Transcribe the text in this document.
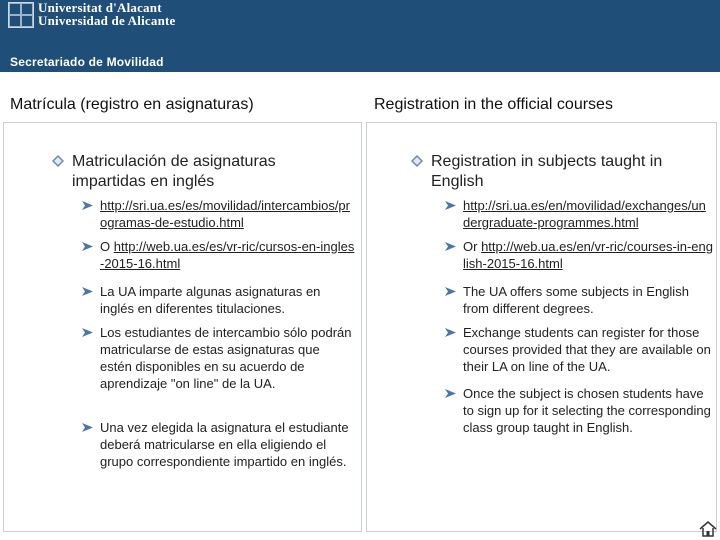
Universitat d'Alacant
Universidad de Alicante
Secretariado de Movilidad
Matrícula (registro en asignaturas)	Registration in the official courses
Matriculación de asignaturas impartidas en inglés
http://sri.ua.es/es/movilidad/intercambios/programas-de-estudio.html
O http://web.ua.es/es/vr-ric/cursos-en-ingles-2015-16.html
La UA imparte algunas asignaturas en inglés en diferentes titulaciones.
Los estudiantes de intercambio sólo podrán matricularse de estas asignaturas que estén disponibles en su acuerdo de aprendizaje "on line" de la UA.
Una vez elegida la asignatura el estudiante deberá matricularse en ella eligiendo el grupo correspondiente impartido en inglés.
Registration in subjects taught in English
http://sri.ua.es/en/movilidad/exchanges/undergraduate-programmes.html
Or http://web.ua.es/en/vr-ric/courses-in-english-2015-16.html
The UA offers some subjects in English from different degrees.
Exchange students can register for those courses provided that they are available on their LA on line of the UA.
Once the subject is chosen students have to sign up for it selecting the corresponding class group taught in English.
